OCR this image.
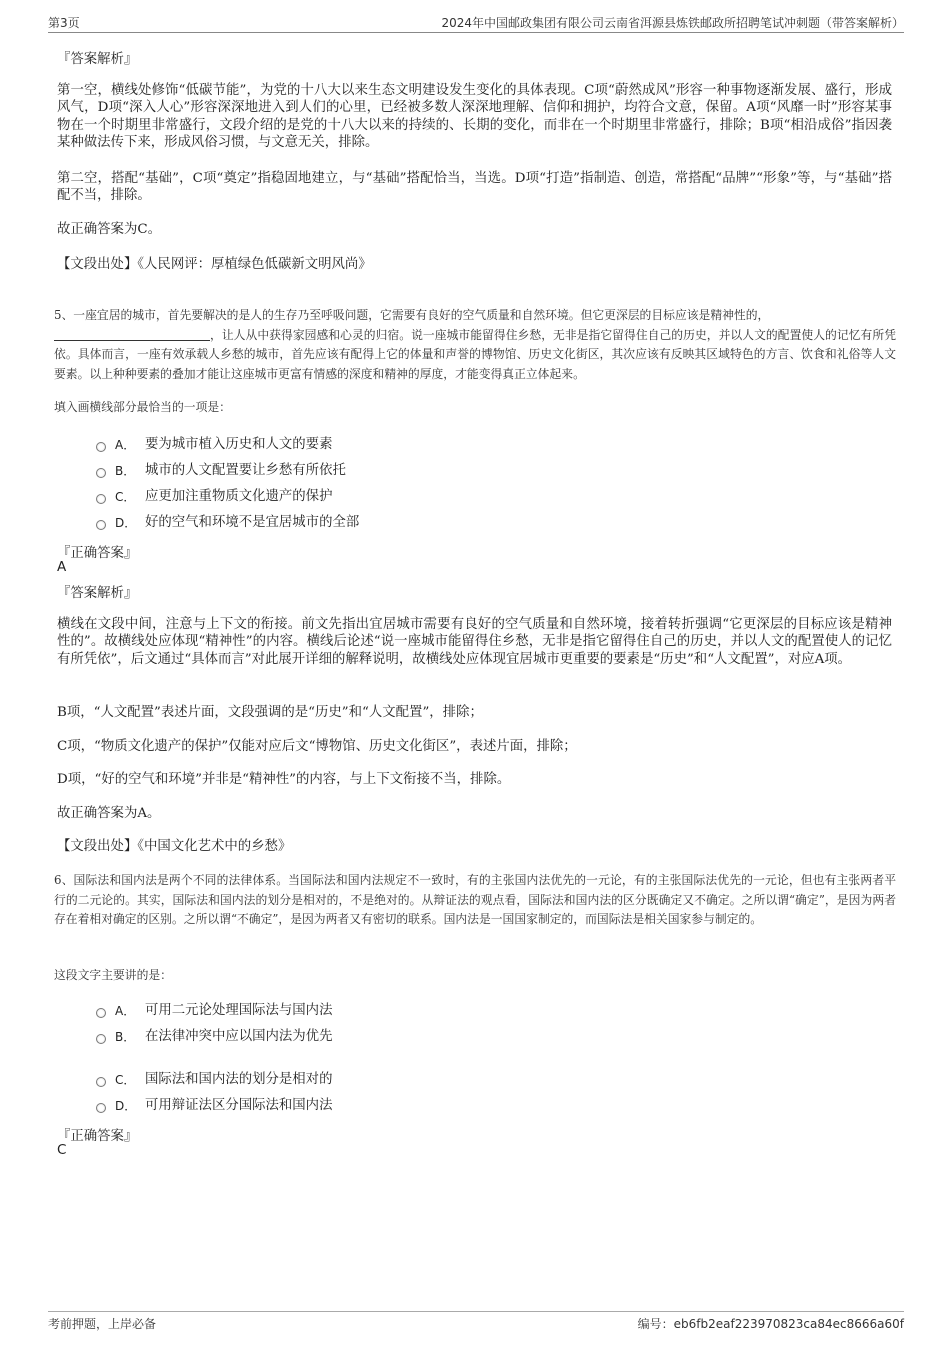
第3页	2024年中国邮政集团有限公司云南省洱源县炼铁邮政所招聘笔试冲刺题（带答案解析）
『答案解析』
第一空，横线处修饰“低碳节能”，为党的十八大以来生态文明建设发生变化的具体表现。C项“蔚然成风”形容一种事物逐渐发展、盛行，形成风气，D项“深入人心”形容深深地进入到人们的心里，已经被多数人深深地理解、信仰和拥护，均符合文意，保留。A项“风靡一时”形容某事物在一个时期里非常盛行，文段介绍的是党的十八大以来的持续的、长期的变化，而非在一个时期里非常盛行，排除；B项“相沿成俗”指因袭某种做法传下来，形成风俗习惯，与文意无关，排除。
第二空，搭配“基础”，C项“奠定”指稳固地建立，与“基础”搭配恰当，当选。D项“打造”指制造、创造，常搭配“品牌”“形象”等，与“基础”搭配不当，排除。
故正确答案为C。
【文段出处】《人民网评：厚植绿色低碳新文明风尚》
5、一座宜居的城市，首先要解决的是人的生存乃至呼吸问题，它需要有良好的空气质量和自然环境。但它更深层的目标应该是精神性的，
，让人从中获得家园感和心灵的归宿。说一座城市能留得住乡愁，无非是指它留得住自己的历史，并以人文的配置使人的记忆有所凭依。具体而言，一座有效承载人乡愁的城市，首先应该有配得上它的体量和声誉的博物馆、历史文化街区，其次应该有反映其区域特色的方言、饮食和礼俗等人文要素。以上种种要素的叠加才能让这座城市更富有情感的深度和精神的厚度，才能变得真正立体起来。
填入画横线部分最恰当的一项是：
A． 要为城市植入历史和人文的要素
B． 城市的人文配置要让乡愁有所依托
C． 应更加注重物质文化遗产的保护
D． 好的空气和环境不是宜居城市的全部
『正确答案』
A
『答案解析』
横线在文段中间，注意与上下文的衔接。前文先指出宜居城市需要有良好的空气质量和自然环境，接着转折强调“它更深层的目标应该是精神性的”。故横线处应体现“精神性”的内容。横线后论述“说一座城市能留得住乡愁，无非是指它留得住自己的历史，并以人文的配置使人的记忆有所凭依”，后文通过“具体而言”对此展开详细的解释说明，故横线处应体现宜居城市更重要的要素是“历史”和“人文配置”，对应A项。
B项，“人文配置”表述片面，文段强调的是“历史”和“人文配置”，排除；
C项，“物质文化遗产的保护”仅能对应后文“博物馆、历史文化街区”，表述片面，排除；
D项，“好的空气和环境”并非是“精神性”的内容，与上下文衔接不当，排除。
故正确答案为A。
【文段出处】《中国文化艺术中的乡愁》
6、国际法和国内法是两个不同的法律体系。当国际法和国内法规定不一致时，有的主张国内法优先的一元论，有的主张国际法优先的一元论，但也有主张两者平行的二元论的。其实，国际法和国内法的划分是相对的，不是绝对的。从辩证法的观点看，国际法和国内法的区分既确定又不确定。之所以谓“确定”，是因为两者存在着相对确定的区别。之所以谓“不确定”，是因为两者又有密切的联系。国内法是一国国家制定的，而国际法是相关国家参与制定的。
这段文字主要讲的是：
A． 可用二元论处理国际法与国内法
B． 在法律冲突中应以国内法为优先
C． 国际法和国内法的划分是相对的
D． 可用辩证法区分国际法和国内法
『正确答案』
C
考前押题，上岸必备	编号：eb6fb2eaf223970823ca84ec8666a60f
